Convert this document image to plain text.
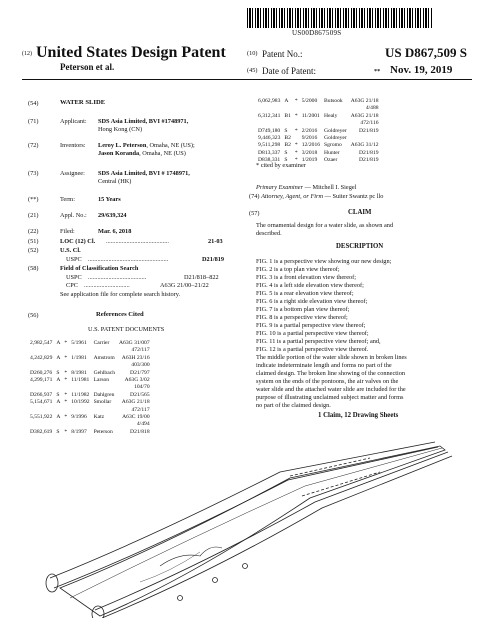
US00D867509S
(12) United States Design Patent
Peterson et al.
(10) Patent No.:	US D867,509 S
(45) Date of Patent:	** Nov. 19, 2019
(54)	WATER SLIDE
(71)	Applicant: SDS Asia Limited, BVI #1748971,
Hong Kong (CN)
(72)	Inventors: Leroy L. Peterson, Omaha, NE (US);
Jason Koranda, Omaha, NE (US)
(73)	Assignee: SDS Asia Limited, BVI # 1748971,
Central (HK)
(**)	Term:	15 Years
(21)	Appl. No.: 29/639,324
(22)	Filed:	Mar. 6, 2018
(51)	LOC (12) Cl. ........................................	21-03
(52)	U.S. Cl.
USPC ...................................................	D21/819
(58)	Field of Classification Search
USPC .....................................	D21/818–822
CPC .............................	A63G 21/00–21/22
See application file for complete search history.
(56)	References Cited
U.S. PATENT DOCUMENTS
2,982,547	A	*	5/1961	Carrier	A63G 31/007
472/117					
4,242,829	A	*	1/1981	Amstrom	A63H 23/16
403/300					
D260,276	S	*	8/1981	Gehlbach	D21/797
4,299,171	A	*	11/1981	Larson	A63G 3/02
104/70					
D266,937	S	*	11/1982	Dahlgren	D21/565
5,154,671	A	*	10/1992	Smollar	A63G 21/18
472/117					
5,551,922	A	*	9/1996	Katz	A63C 19/00
4/494					
D382,619	S	*	8/1997	Peterson	D21/818
6,062,983	A	*	5/2000	Butsook	A63G 21/18
4/488					
6,312,341	B1	*	11/2001	Healy	A63G 21/18
472/116					
D749,180	S	*	2/2016	Goldreyer	D21/819
9,446,323	B2		9/2016	Goldreyer	
9,511,298	B2	*	12/2016	Sgromo	A63G 31/12
D813,337	S	*	3/2018	Hunter	D21/819
D838,331	S	*	1/2019	Ozaer	D21/819
* cited by examiner
Primary Examiner — Mitchell I. Siegel
(74) Attorney, Agent, or Firm — Suiter Swantz pc llo
(57)	CLAIM
The ornamental design for a water slide, as shown and
described.
DESCRIPTION
FIG. 1 is a perspective view showing our new design;
FIG. 2 is a top plan view thereof;
FIG. 3 is a front elevation view thereof;
FIG. 4 is a left side elevation view thereof;
FIG. 5 is a rear elevation view thereof;
FIG. 6 is a right side elevation view thereof;
FIG. 7 is a bottom plan view thereof;
FIG. 8 is a perspective view thereof;
FIG. 9 is a partial perspective view thereof;
FIG. 10 is a partial perspective view thereof;
FIG. 11 is a partial perspective view thereof; and,
FIG. 12 is a partial perspective view thereof.
The middle portion of the water slide shown in broken lines
indicate indeterminate length and forms no part of the
claimed design. The broken line showing of the connection
system on the ends of the pontoons, the air valves on the
water slide and the attached water slide are included for the
purpose of illustrating unclaimed subject matter and forms
no part of the claimed design.
1 Claim, 12 Drawing Sheets
